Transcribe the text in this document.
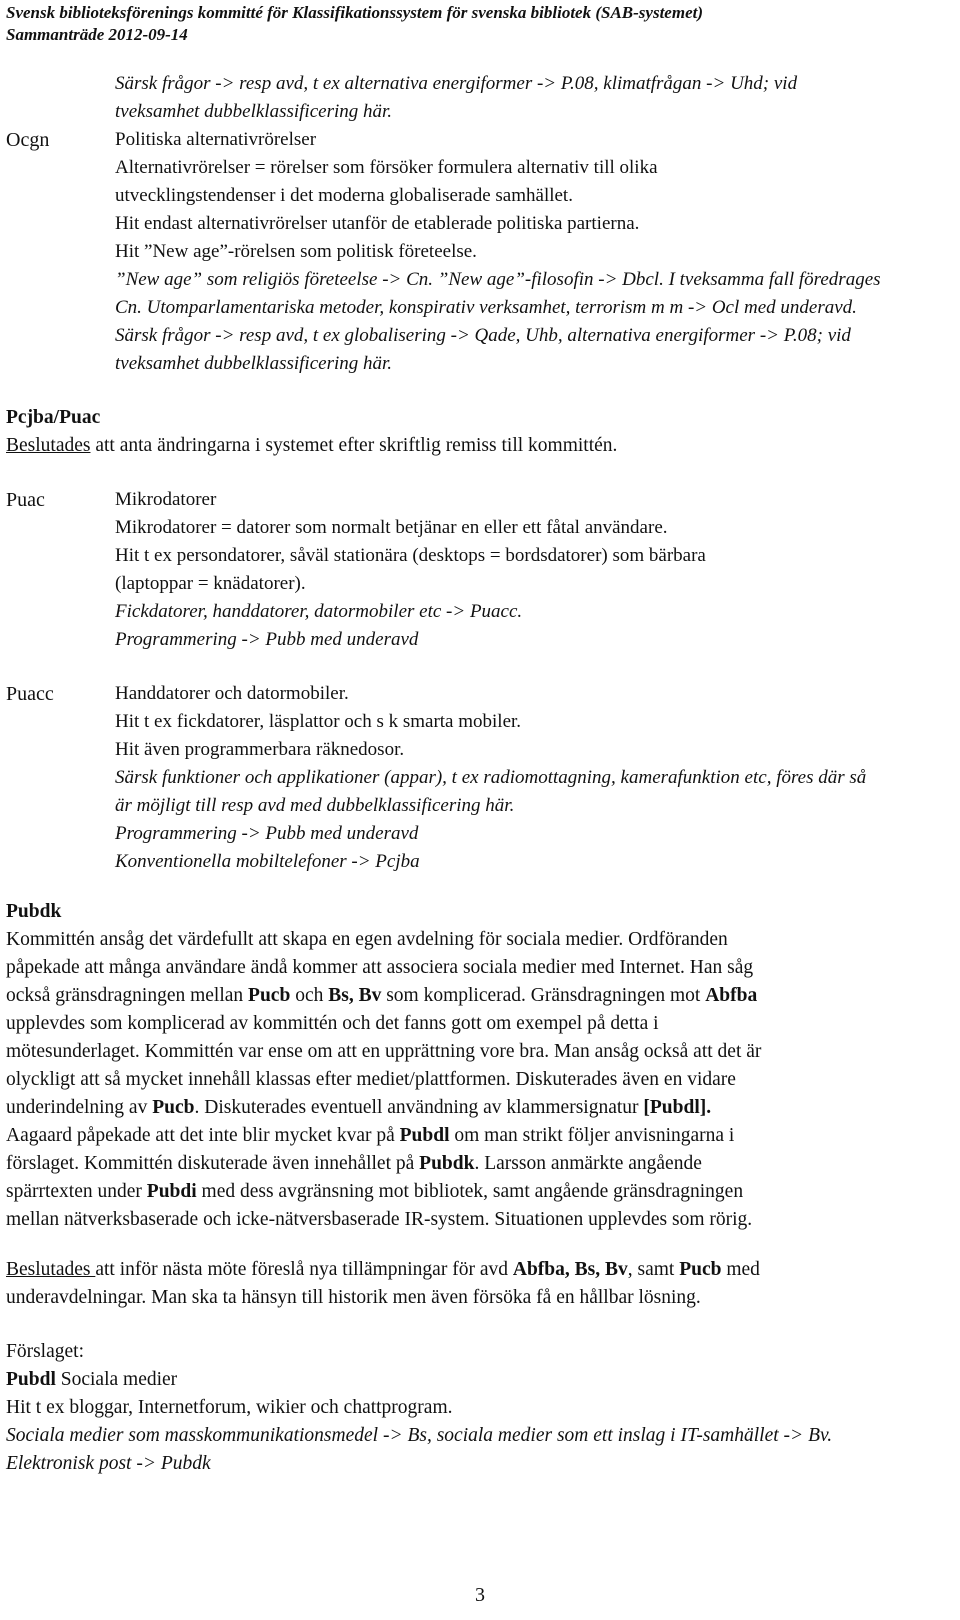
Svensk biblioteksförenings kommitté för Klassifikationssystem för svenska bibliotek (SAB-systemet)
Sammanträde 2012-09-14
Särsk frågor -> resp avd, t ex alternativa energiformer -> P.08, klimatfrågan -> Uhd; vid
tveksamhet dubbelklassificering här.
Ocgn	Politiska alternativrörelser
Alternativrörelser = rörelser som försöker formulera alternativ till olika
utvecklingstendenser i det moderna globaliserade samhället.
Hit endast alternativrörelser utanför de etablerade politiska partierna.
Hit ”New age”-rörelsen som politisk företeelse.
”New age” som religiös företeelse -> Cn. ”New age”-filosofin -> Dbcl. I tveksamma fall föredrages
Cn. Utomparlamentariska metoder, konspirativ verksamhet, terrorism m m -> Ocl med underavd.
Särsk frågor -> resp avd, t ex globalisering -> Qade, Uhb, alternativa energiformer -> P.08; vid
tveksamhet dubbelklassificering här.
Pcjba/Puac
Beslutades att anta ändringarna i systemet efter skriftlig remiss till kommittén.
Puac	Mikrodatorer
Mikrodatorer = datorer som normalt betjänar en eller ett fåtal användare.
Hit t ex persondatorer, såväl stationära (desktops = bordsdatorer) som bärbara
(laptoppar = knädatorer).
Fickdatorer, handdatorer, datormobiler etc -> Puacc.
Programmering -> Pubb med underavd
Puacc	Handdatorer och datormobiler.
Hit t ex fickdatorer, läsplattor och s k smarta mobiler.
Hit även programmerbara räknedosor.
Särsk funktioner och applikationer (appar), t ex radiomottagning, kamerafunktion etc, föres där så
är möjligt till resp avd med dubbelklassificering här.
Programmering -> Pubb med underavd
Konventionella mobiltelefoner -> Pcjba
Pubdk
Kommittén ansåg det värdefullt att skapa en egen avdelning för sociala medier. Ordföranden
påpekade att många användare ändå kommer att associera sociala medier med Internet. Han såg
också gränsdragningen mellan Pucb och Bs, Bv som komplicerad. Gränsdragningen mot Abfba
upplevdes som komplicerad av kommittén och det fanns gott om exempel på detta i
mötesunderlaget. Kommittén var ense om att en upprättning vore bra. Man ansåg också att det är
olyckligt att så mycket innehåll klassas efter mediet/plattformen. Diskuterades även en vidare
underindelning av Pucb. Diskuterades eventuell användning av klammersignatur [Pubdl].
Aagaard påpekade att det inte blir mycket kvar på Pubdl om man strikt följer anvisningarna i
förslaget. Kommittén diskuterade även innehållet på Pubdk. Larsson anmärkte angående
spärrtexten under Pubdi med dess avgränsning mot bibliotek, samt angående gränsdragningen
mellan nätverksbaserade och icke-nätversbaserade IR-system. Situationen upplevdes som rörig.
Beslutades att inför nästa möte föreslå nya tillämpningar för avd Abfba, Bs, Bv, samt Pucb med
underavdelningar. Man ska ta hänsyn till historik men även försöka få en hållbar lösning.
Förslaget:
Pubdl Sociala medier
Hit t ex bloggar, Internetforum, wikier och chattprogram.
Sociala medier som masskommunikationsmedel -> Bs, sociala medier som ett inslag i IT-samhället -> Bv.
Elektronisk post -> Pubdk
3
